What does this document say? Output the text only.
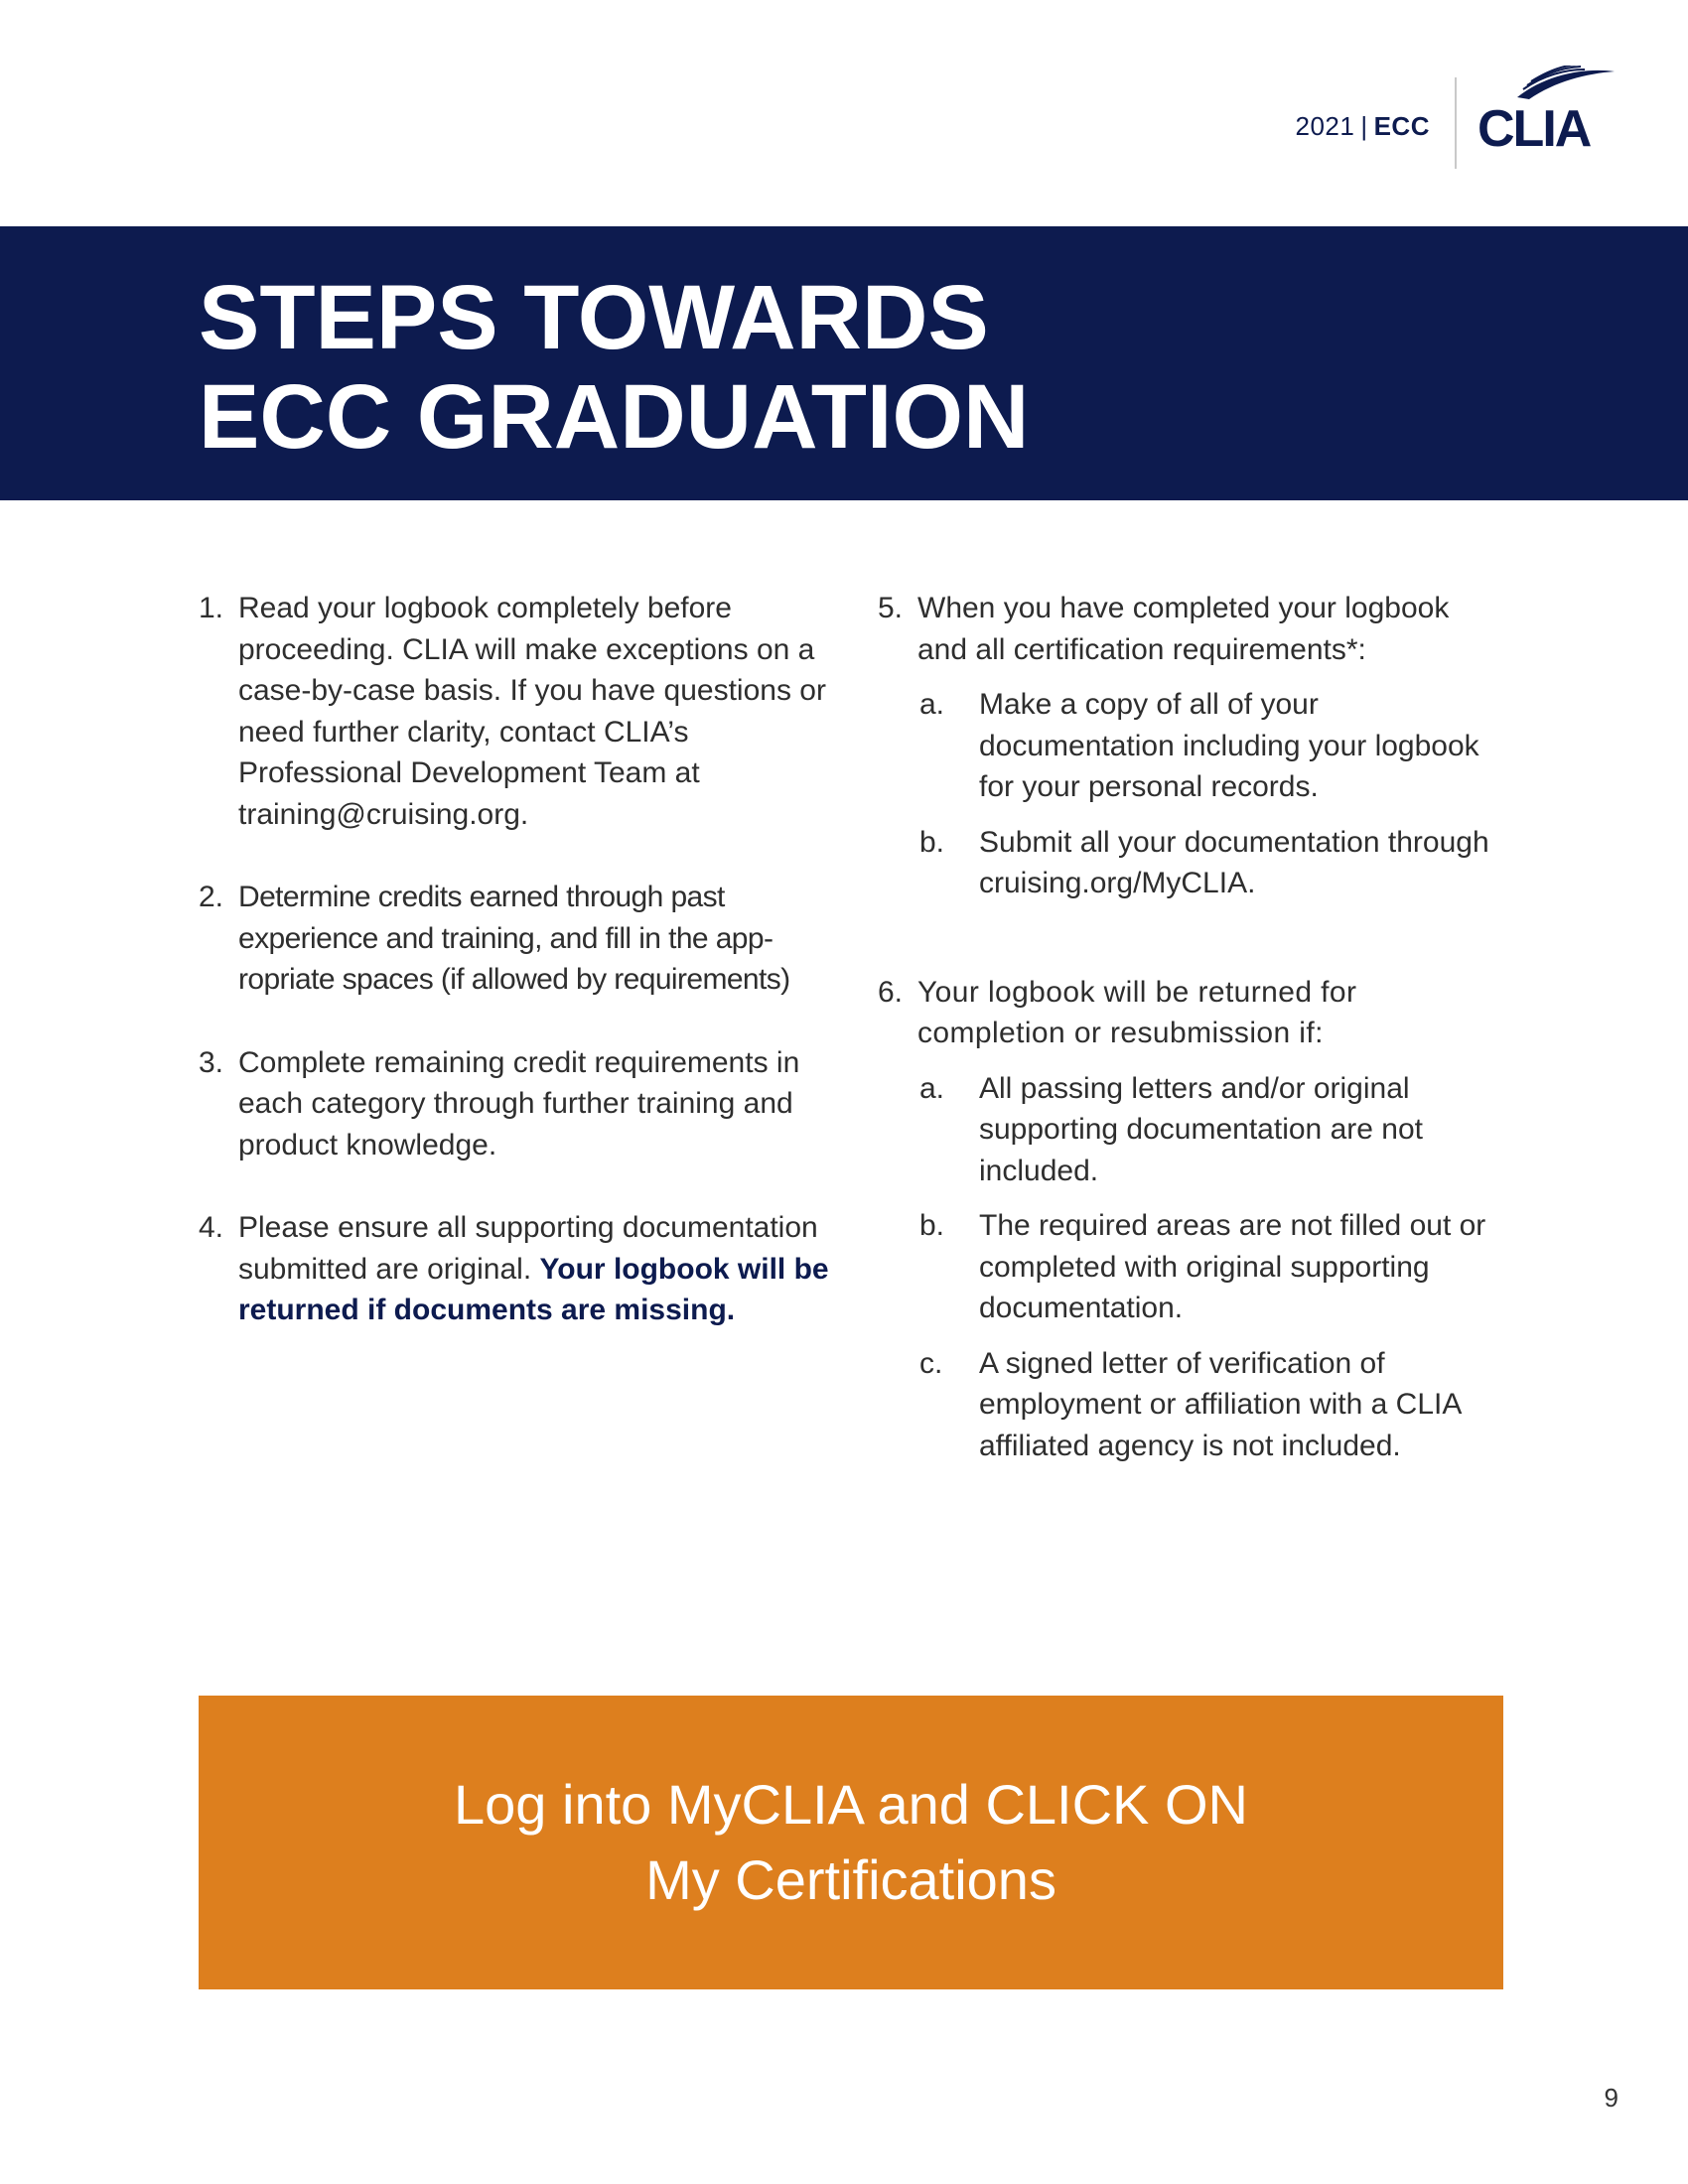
2021 | ECC CLIA
STEPS TOWARDS
ECC GRADUATION
1. Read your logbook completely before proceeding. CLIA will make exceptions on a case-by-case basis. If you have questions or need further clarity, contact CLIA’s Professional Development Team at training@cruising.org.

2. Determine credits earned through past experience and training, and fill in the app-ropriate spaces (if allowed by requirements)

3. Complete remaining credit requirements in each category through further training and product knowledge.

4. Please ensure all supporting documentation submitted are original. Your logbook will be returned if documents are missing.

5. When you have completed your logbook and all certification requirements*:

a. Make a copy of all of your documentation including your logbook for your personal records.

b. Submit all your documentation through cruising.org/MyCLIA.

6. Your logbook will be returned for completion or resubmission if:

a. All passing letters and/or original supporting documentation are not included.

b. The required areas are not filled out or completed with original supporting documentation.

c. A signed letter of verification of employment or affiliation with a CLIA affiliated agency is not included.

Log into MyCLIA and CLICK ON
My Certifications
9
